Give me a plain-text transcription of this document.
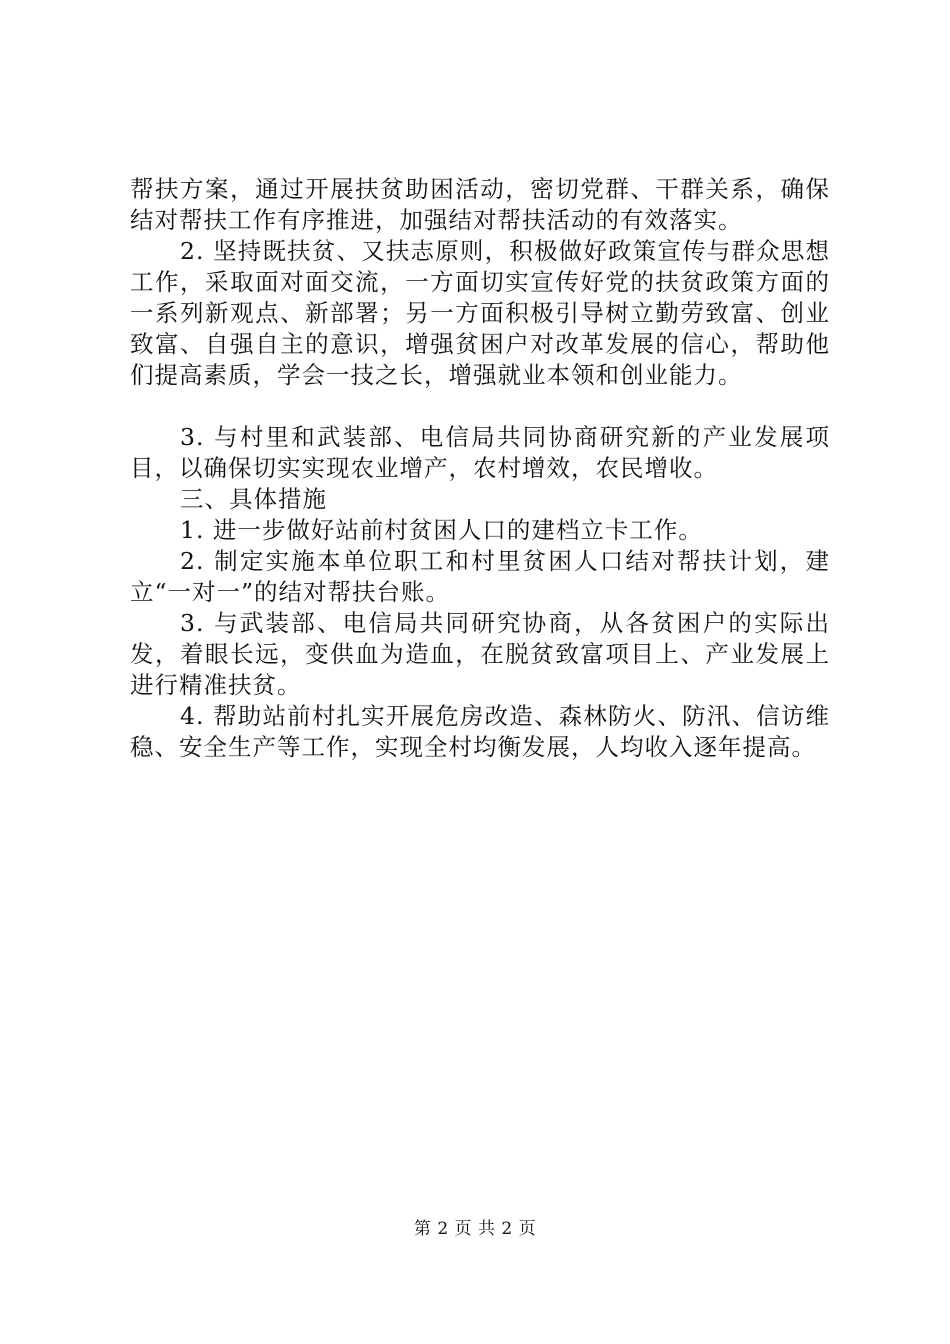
帮扶方案，通过开展扶贫助困活动，密切党群、干群关系，确保结对帮扶工作有序推进，加强结对帮扶活动的有效落实。

2. 坚持既扶贫、又扶志原则，积极做好政策宣传与群众思想工作，采取面对面交流，一方面切实宣传好党的扶贫政策方面的一系列新观点、新部署；另一方面积极引导树立勤劳致富、创业致富、自强自主的意识，增强贫困户对改革发展的信心，帮助他们提高素质，学会一技之长，增强就业本领和创业能力。

3. 与村里和武装部、电信局共同协商研究新的产业发展项目，以确保切实实现农业增产，农村增效，农民增收。

三、具体措施

1. 进一步做好站前村贫困人口的建档立卡工作。

2. 制定实施本单位职工和村里贫困人口结对帮扶计划，建立“一对一”的结对帮扶台账。

3. 与武装部、电信局共同研究协商，从各贫困户的实际出发，着眼长远，变供血为造血，在脱贫致富项目上、产业发展上进行精准扶贫。

4. 帮助站前村扎实开展危房改造、森林防火、防汛、信访维稳、安全生产等工作，实现全村均衡发展，人均收入逐年提高。

第 2 页 共 2 页
